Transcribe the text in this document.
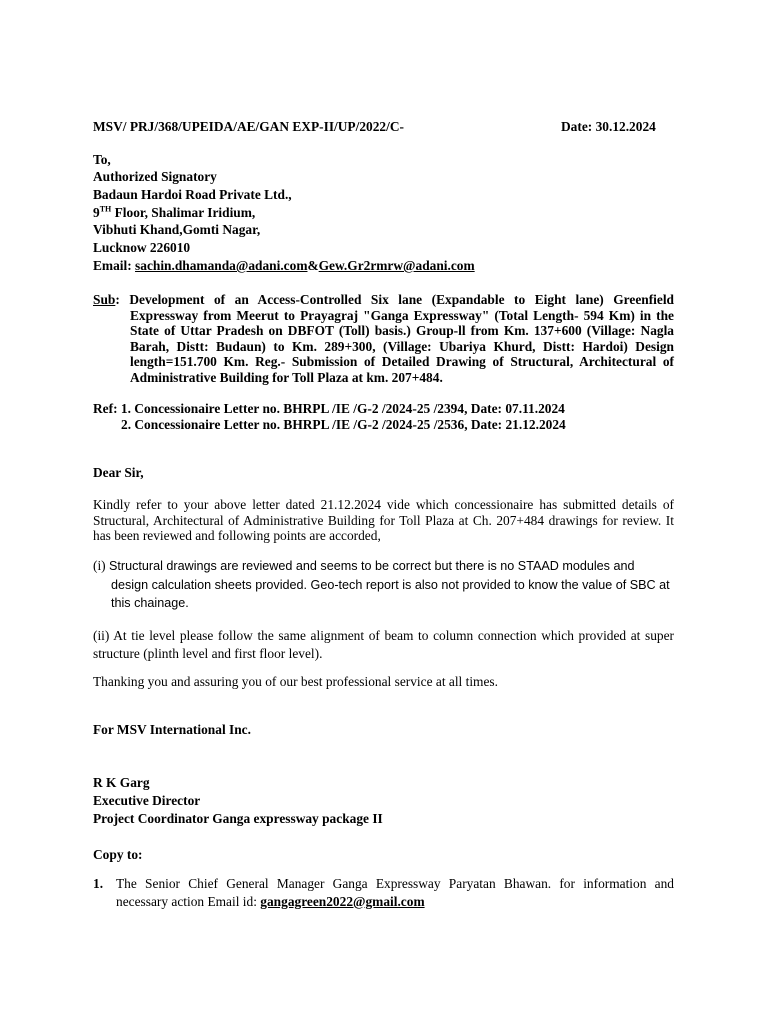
MSV/ PRJ/368/UPEIDA/AE/GAN EXP-II/UP/2022/C-	Date: 30.12.2024
To,
Authorized Signatory
Badaun Hardoi Road Private Ltd.,
9TH Floor, Shalimar Iridium,
Vibhuti Khand,Gomti Nagar,
Lucknow 226010
Email: sachin.dhamanda@adani.com&Gew.Gr2rmrw@adani.com
Sub: Development of an Access-Controlled Six lane (Expandable to Eight lane) Greenfield Expressway from Meerut to Prayagraj "Ganga Expressway" (Total Length- 594 Km) in the State of Uttar Pradesh on DBFOT (Toll) basis.) Group-ll from Km. 137+600 (Village: Nagla Barah, Distt: Budaun) to Km. 289+300, (Village: Ubariya Khurd, Distt: Hardoi) Design length=151.700 Km. Reg.- Submission of Detailed Drawing of Structural, Architectural of Administrative Building for Toll Plaza at km. 207+484.
Ref: 1. Concessionaire Letter no. BHRPL /IE /G-2 /2024-25 /2394, Date: 07.11.2024
2. Concessionaire Letter no. BHRPL /IE /G-2 /2024-25 /2536, Date: 21.12.2024
Dear Sir,
Kindly refer to your above letter dated 21.12.2024 vide which concessionaire has submitted details of Structural, Architectural of Administrative Building for Toll Plaza at Ch. 207+484 drawings for review. It has been reviewed and following points are accorded,
(i) Structural drawings are reviewed and seems to be correct but there is no STAAD modules and design calculation sheets provided. Geo-tech report is also not provided to know the value of SBC at this chainage.
(ii) At tie level please follow the same alignment of beam to column connection which provided at super structure (plinth level and first floor level).
Thanking you and assuring you of our best professional service at all times.
For MSV International Inc.
R K Garg
Executive Director
Project Coordinator Ganga expressway package II
Copy to:
1. The Senior Chief General Manager Ganga Expressway Paryatan Bhawan. for information and necessary action Email id: gangagreen2022@gmail.com
